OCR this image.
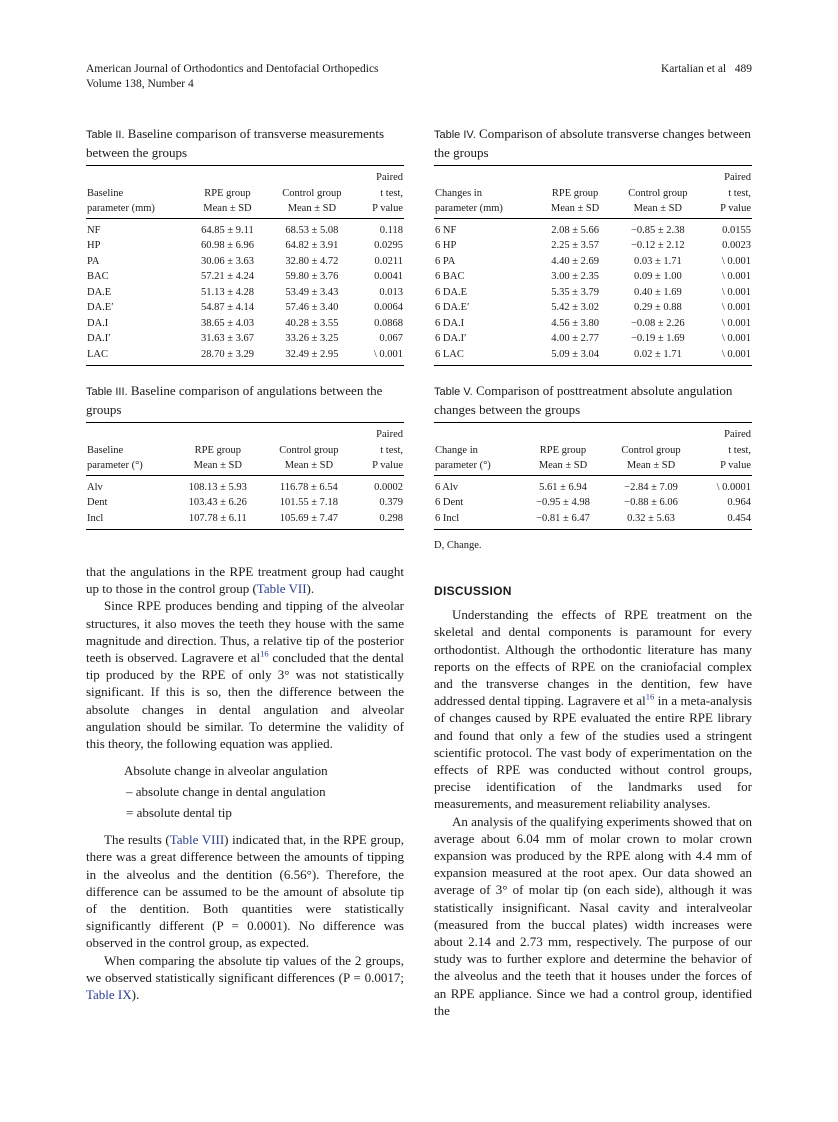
American Journal of Orthodontics and Dentofacial Orthopedics
Volume 138, Number 4
Kartalian et al 489

Table II. Baseline comparison of transverse measurements between the groups

			Paired
Baseline	RPE group	Control group	t test,
parameter (mm)	Mean ± SD	Mean ± SD	P value
NF	64.85 ± 9.11	68.53 ± 5.08	0.118
HP	60.98 ± 6.96	64.82 ± 3.91	0.0295
PA	30.06 ± 3.63	32.80 ± 4.72	0.0211
BAC	57.21 ± 4.24	59.80 ± 3.76	0.0041
DA.E	51.13 ± 4.28	53.49 ± 3.43	0.013
DA.E′	54.87 ± 4.14	57.46 ± 3.40	0.0064
DA.I	38.65 ± 4.03	40.28 ± 3.55	0.0868
DA.I′	31.63 ± 3.67	33.26 ± 3.25	0.067
LAC	28.70 ± 3.29	32.49 ± 2.95	\ 0.001

Table IV. Comparison of absolute transverse changes between the groups

			Paired
Changes in	RPE group	Control group	t test,
parameter (mm)	Mean ± SD	Mean ± SD	P value
6 NF	2.08 ± 5.66	−0.85 ± 2.38	0.0155
6 HP	2.25 ± 3.57	−0.12 ± 2.12	0.0023
6 PA	4.40 ± 2.69	0.03 ± 1.71	\ 0.001
6 BAC	3.00 ± 2.35	0.09 ± 1.00	\ 0.001
6 DA.E	5.35 ± 3.79	0.40 ± 1.69	\ 0.001
6 DA.E′	5.42 ± 3.02	0.29 ± 0.88	\ 0.001
6 DA.I	4.56 ± 3.80	−0.08 ± 2.26	\ 0.001
6 DA.I′	4.00 ± 2.77	−0.19 ± 1.69	\ 0.001
6 LAC	5.09 ± 3.04	0.02 ± 1.71	\ 0.001

Table III. Baseline comparison of angulations between the groups

			Paired
Baseline	RPE group	Control group	t test,
parameter (°)	Mean ± SD	Mean ± SD	P value
Alv	108.13 ± 5.93	116.78 ± 6.54	0.0002
Dent	103.43 ± 6.26	101.55 ± 7.18	0.379
Incl	107.78 ± 6.11	105.69 ± 7.47	0.298

Table V. Comparison of posttreatment absolute angulation changes between the groups

			Paired
Change in	RPE group	Control group	t test,
parameter (°)	Mean ± SD	Mean ± SD	P value
6 Alv	5.61 ± 6.94	−2.84 ± 7.09	\ 0.0001
6 Dent	−0.95 ± 4.98	−0.88 ± 6.06	0.964
6 Incl	−0.81 ± 6.47	0.32 ± 5.63	0.454
D, Change.

that the angulations in the RPE treatment group had caught up to those in the control group (Table VII).

Since RPE produces bending and tipping of the alveolar structures, it also moves the teeth they house with the same magnitude and direction. Thus, a relative tip of the posterior teeth is observed. Lagravere et al$^{16}$ concluded that the dental tip produced by the RPE of only 3° was not statistically significant. If this is so, then the difference between the absolute changes in dental angulation and alveolar angulation should be similar. To determine the validity of this theory, the following equation was applied.

Absolute change in alveolar angulation
– absolute change in dental angulation
= absolute dental tip

The results (Table VIII) indicated that, in the RPE group, there was a great difference between the amounts of tipping in the alveolus and the dentition (6.56°). Therefore, the difference can be assumed to be the amount of absolute tip of the dentition. Both quantities were statistically significantly different (P = 0.0001). No difference was observed in the control group, as expected.

When comparing the absolute tip values of the 2 groups, we observed statistically significant differences (P = 0.0017; Table IX).

DISCUSSION

Understanding the effects of RPE treatment on the skeletal and dental components is paramount for every orthodontist. Although the orthodontic literature has many reports on the effects of RPE on the craniofacial complex and the transverse changes in the dentition, few have addressed dental tipping. Lagravere et al$^{16}$ in a meta-analysis of changes caused by RPE evaluated the entire RPE library and found that only a few of the studies used a stringent scientific protocol. The vast body of experimentation on the effects of RPE was conducted without control groups, precise identification of the landmarks used for measurements, and measurement reliability analyses.

An analysis of the qualifying experiments showed that on average about 6.04 mm of molar crown to molar crown expansion was produced by the RPE along with 4.4 mm of expansion measured at the root apex. Our data showed an average of 3° of molar tip (on each side), although it was statistically insignificant. Nasal cavity and interalveolar (measured from the buccal plates) width increases were about 2.14 and 2.73 mm, respectively. The purpose of our study was to further explore and determine the behavior of the alveolus and the teeth that it houses under the forces of an RPE appliance. Since we had a control group, identified the
